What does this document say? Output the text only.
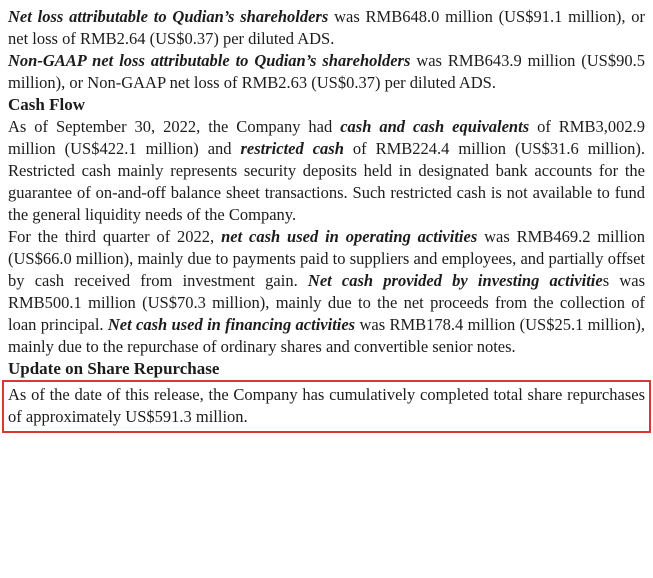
Net loss attributable to Qudian’s shareholders was RMB648.0 million (US$91.1 million), or net loss of RMB2.64 (US$0.37) per diluted ADS.

Non-GAAP net loss attributable to Qudian’s shareholders was RMB643.9 million (US$90.5 million), or Non-GAAP net loss of RMB2.63 (US$0.37) per diluted ADS.

Cash Flow

As of September 30, 2022, the Company had cash and cash equivalents of RMB3,002.9 million (US$422.1 million) and restricted cash of RMB224.4 million (US$31.6 million). Restricted cash mainly represents security deposits held in designated bank accounts for the guarantee of on-and-off balance sheet transactions. Such restricted cash is not available to fund the general liquidity needs of the Company.

For the third quarter of 2022, net cash used in operating activities was RMB469.2 million (US$66.0 million), mainly due to payments paid to suppliers and employees, and partially offset by cash received from investment gain. Net cash provided by investing activities was RMB500.1 million (US$70.3 million), mainly due to the net proceeds from the collection of loan principal. Net cash used in financing activities was RMB178.4 million (US$25.1 million), mainly due to the repurchase of ordinary shares and convertible senior notes.

Update on Share Repurchase

As of the date of this release, the Company has cumulatively completed total share repurchases of approximately US$591.3 million.
